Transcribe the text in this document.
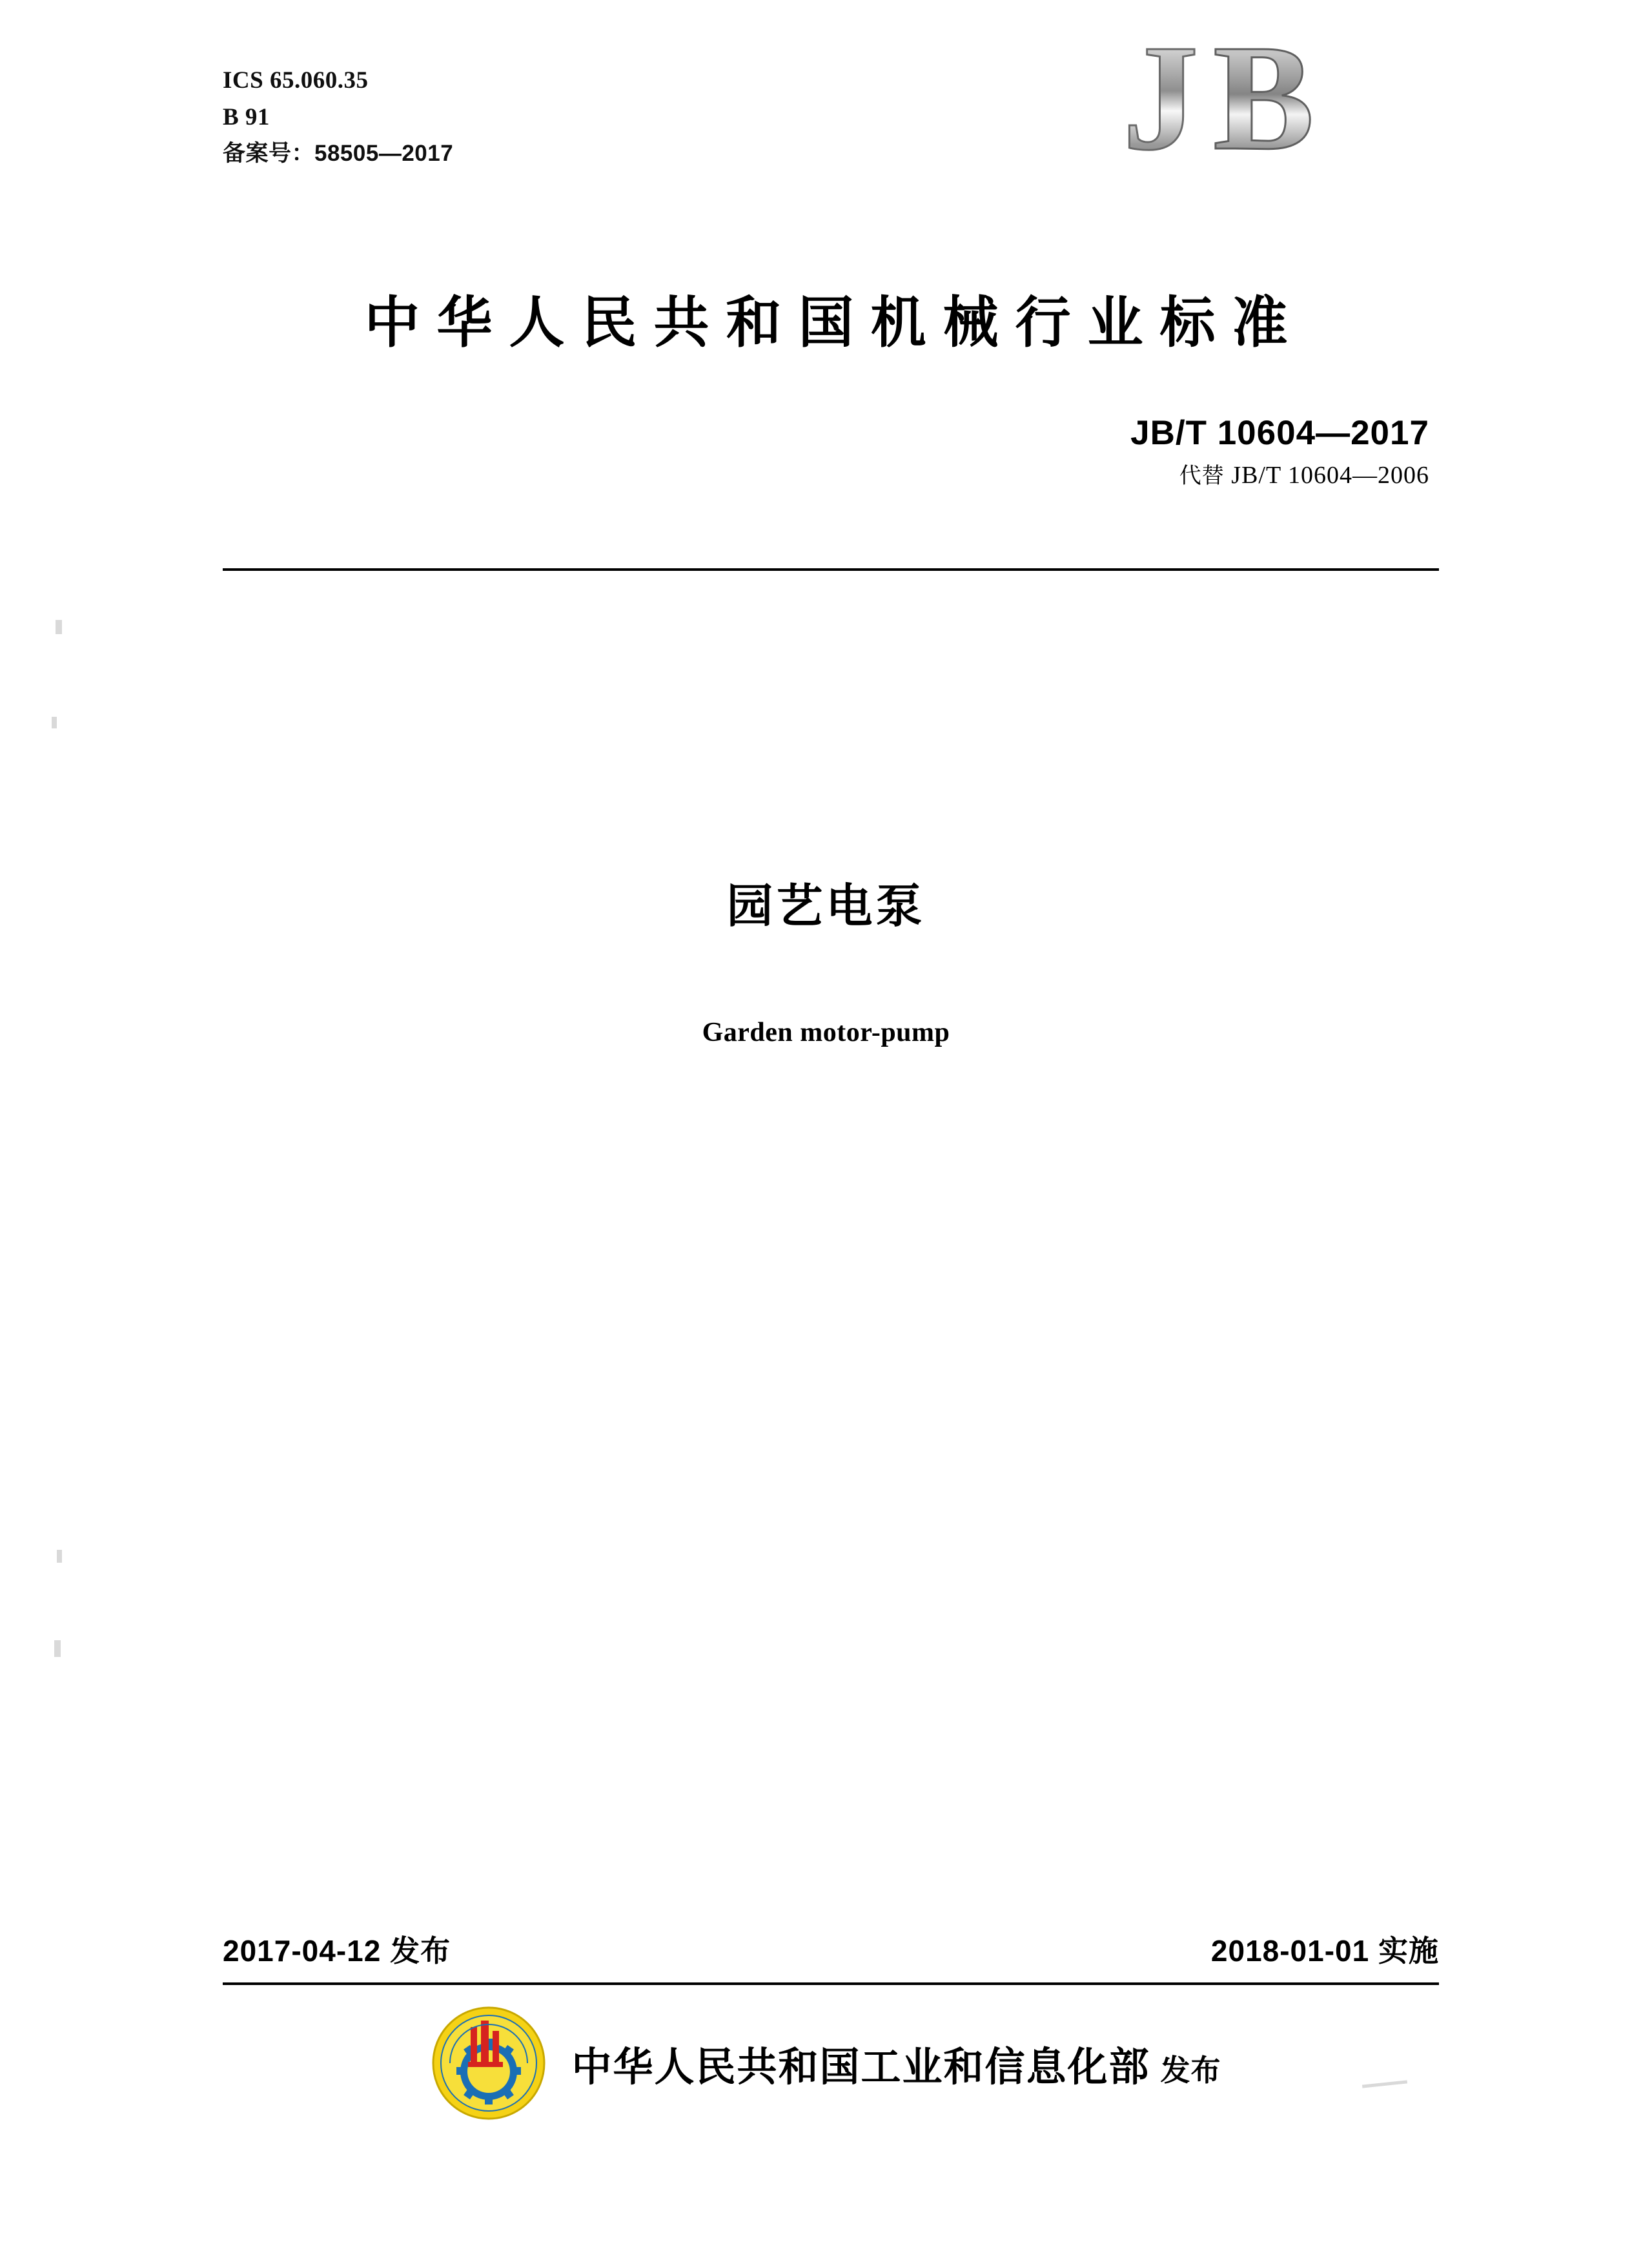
ICS 65.060.35
B 91
备案号：58505—2017	J B
中华人民共和国机械行业标准
JB/T 10604—2017
代替 JB/T 10604—2006
园艺电泵
Garden motor-pump
2017-04-12 发布	2018-01-01 实施
中华人民共和国工业和信息化部 发布
